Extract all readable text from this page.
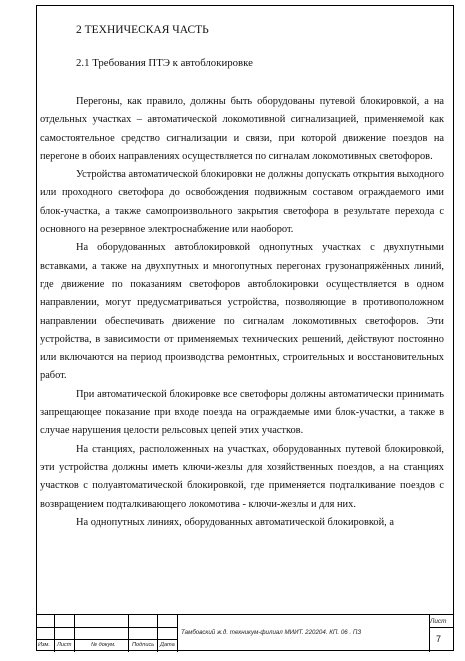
2 ТЕХНИЧЕСКАЯ ЧАСТЬ
2.1 Требования ПТЭ к автоблокировке

Перегоны, как правило, должны быть оборудованы путевой блокировкой, а на отдельных участках – автоматической локомотивной сигнализацией, применяемой как самостоятельное средство сигнализации и связи, при которой движение поездов на перегоне в обоих направлениях осуществляется по сигналам локомотивных светофоров.

Устройства автоматической блокировки не должны допускать открытия выходного или проходного светофора до освобождения подвижным составом ограждаемого ими блок-участка, а также самопроизвольного закрытия светофора в результате перехода с основного на резервное электроснабжение или наоборот.

На оборудованных автоблокировкой однопутных участках с двухпутными вставками, а также на двухпутных и многопутных перегонах грузонапряжённых линий, где движение по показаниям светофоров автоблокировки осуществляется в одном направлении, могут предусматриваться устройства, позволяющие в противоположном направлении обеспечивать движение по сигналам локомотивных светофоров. Эти устройства, в зависимости от применяемых технических решений, действуют постоянно или включаются на период производства ремонтных, строительных и восстановительных работ.

При автоматической блокировке все светофоры должны автоматически принимать запрещающее показание при входе поезда на ограждаемые ими блок-участки, а также в случае нарушения целости рельсовых цепей этих участков.

На станциях, расположенных на участках, оборудованных путевой блокировкой, эти устройства должны иметь ключи-жезлы для хозяйственных поездов, а на станциях участков с полуавтоматической блокировкой, где применяется подталкивание поездов с возвращением подталкивающего локомотива - ключи-жезлы и для них.

На однопутных линиях, оборудованных автоматической блокировкой, а

Изм. Лист	№ докум.	Подпись Дата
Тамбовский ж.д. техникум-филиал МИИТ. 220204. КП. 06 . ПЗ
Лист
7
